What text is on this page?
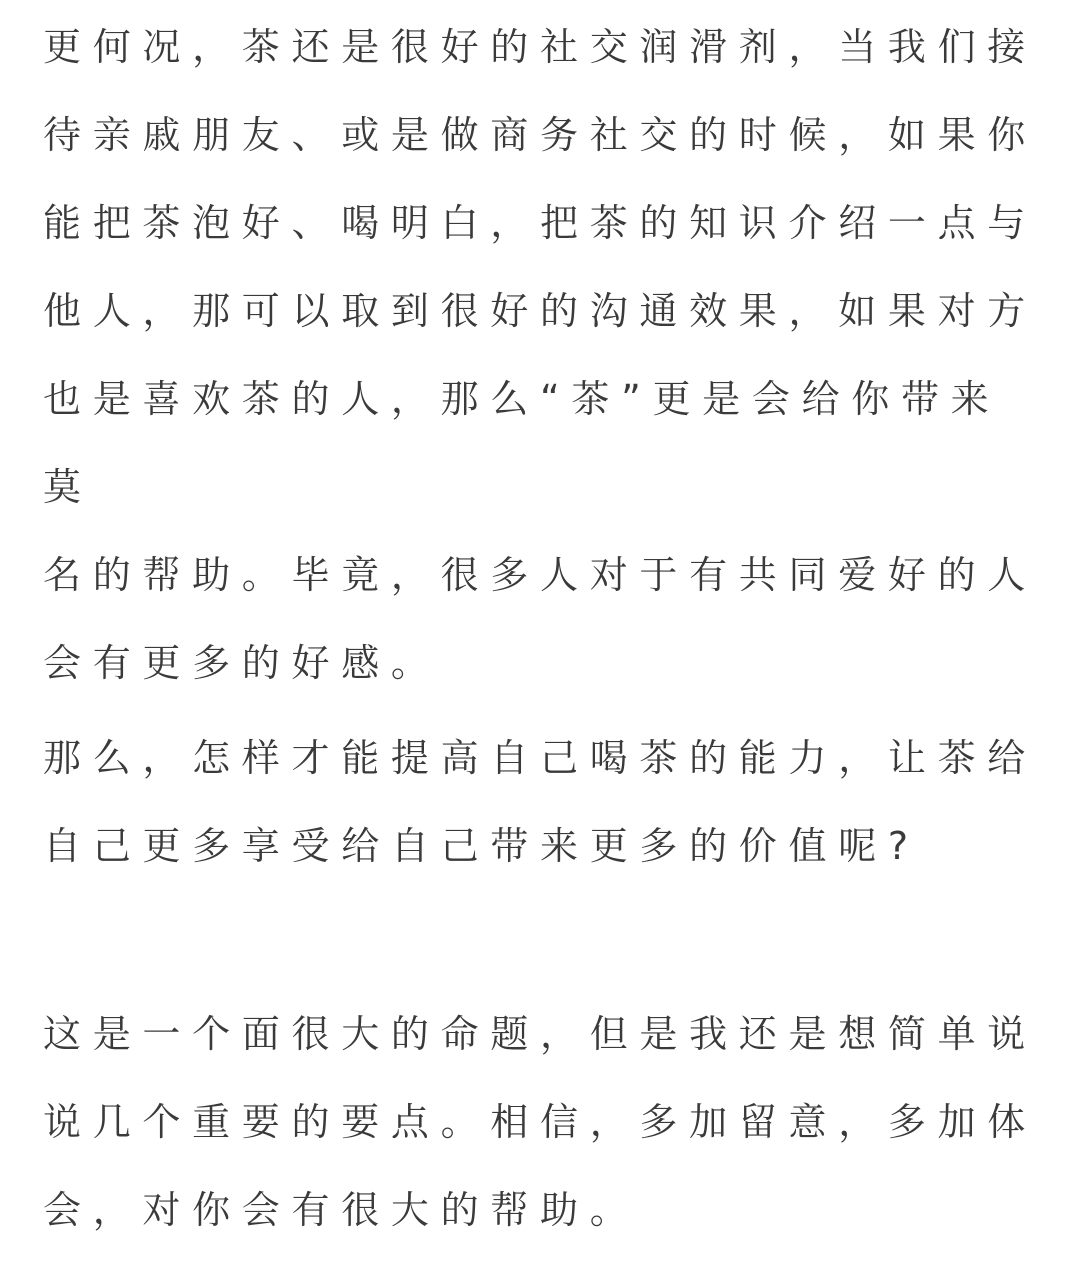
更何况，茶还是很好的社交润滑剂，当我们接
待亲戚朋友、或是做商务社交的时候，如果你
能把茶泡好、喝明白，把茶的知识介绍一点与
他人，那可以取到很好的沟通效果，如果对方
也是喜欢茶的人，那么“茶”更是会给你带来莫
名的帮助。毕竟，很多人对于有共同爱好的人
会有更多的好感。

那么，怎样才能提高自己喝茶的能力，让茶给
自己更多享受给自己带来更多的价值呢?

这是一个面很大的命题，但是我还是想简单说
说几个重要的要点。相信，多加留意，多加体
会，对你会有很大的帮助。
